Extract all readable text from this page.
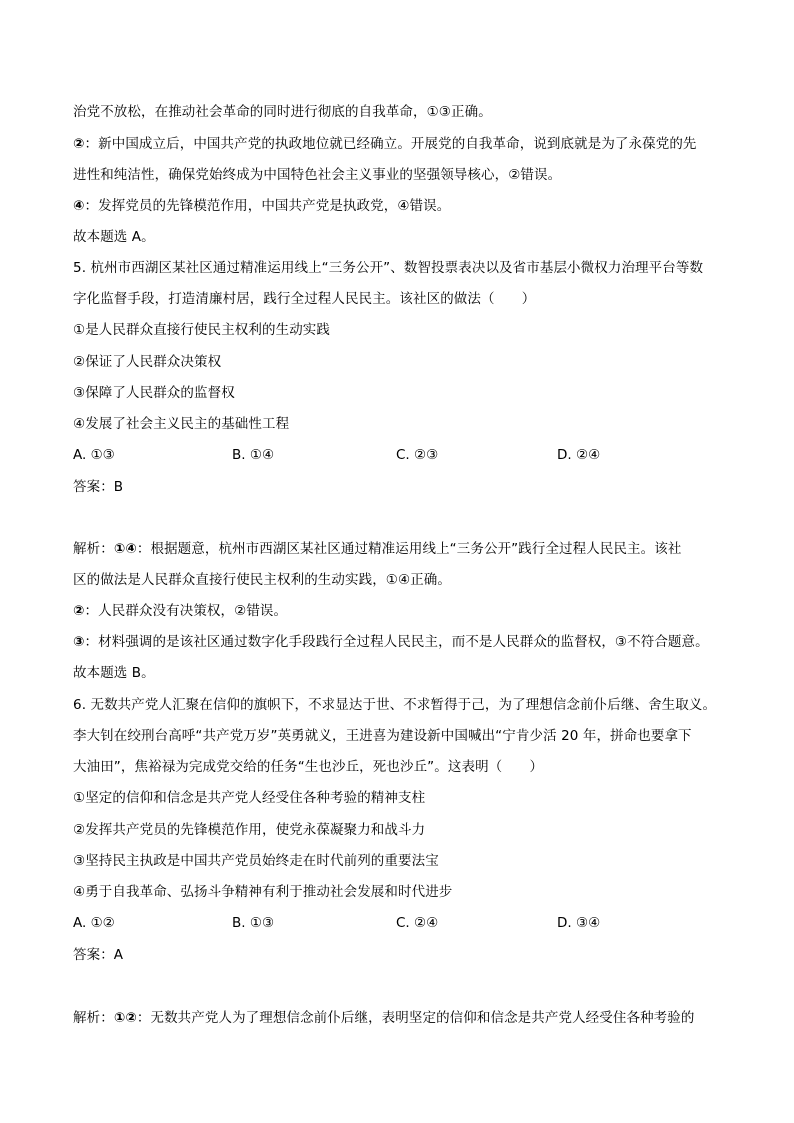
治党不放松，在推动社会革命的同时进行彻底的自我革命，①③正确。
②：新中国成立后，中国共产党的执政地位就已经确立。开展党的自我革命，说到底就是为了永葆党的先
进性和纯洁性，确保党始终成为中国特色社会主义事业的坚强领导核心，②错误。
④：发挥党员的先锋模范作用，中国共产党是执政党，④错误。
故本题选 A。
5. 杭州市西湖区某社区通过精准运用线上“三务公开”、数智投票表决以及省市基层小微权力治理平台等数
字化监督手段，打造清廉村居，践行全过程人民民主。该社区的做法（　　）
①是人民群众直接行使民主权利的生动实践
②保证了人民群众决策权
③保障了人民群众的监督权
④发展了社会主义民主的基础性工程
A. ①③	B. ①④	C. ②③	D. ②④
答案：B
解析：①④：根据题意，杭州市西湖区某社区通过精准运用线上“三务公开”践行全过程人民民主。该社
区的做法是人民群众直接行使民主权利的生动实践，①④正确。
②：人民群众没有决策权，②错误。
③：材料强调的是该社区通过数字化手段践行全过程人民民主，而不是人民群众的监督权，③不符合题意。
故本题选 B。
6. 无数共产党人汇聚在信仰的旗帜下，不求显达于世、不求暂得于己，为了理想信念前仆后继、舍生取义。
李大钊在绞刑台高呼“共产党万岁”英勇就义，王进喜为建设新中国喊出“宁肯少活 20 年，拼命也要拿下
大油田”，焦裕禄为完成党交给的任务“生也沙丘，死也沙丘”。这表明（　　）
①坚定的信仰和信念是共产党人经受住各种考验的精神支柱
②发挥共产党员的先锋模范作用，使党永葆凝聚力和战斗力
③坚持民主执政是中国共产党员始终走在时代前列的重要法宝
④勇于自我革命、弘扬斗争精神有利于推动社会发展和时代进步
A. ①②	B. ①③	C. ②④	D. ③④
答案：A
解析：①②：无数共产党人为了理想信念前仆后继，表明坚定的信仰和信念是共产党人经受住各种考验的
